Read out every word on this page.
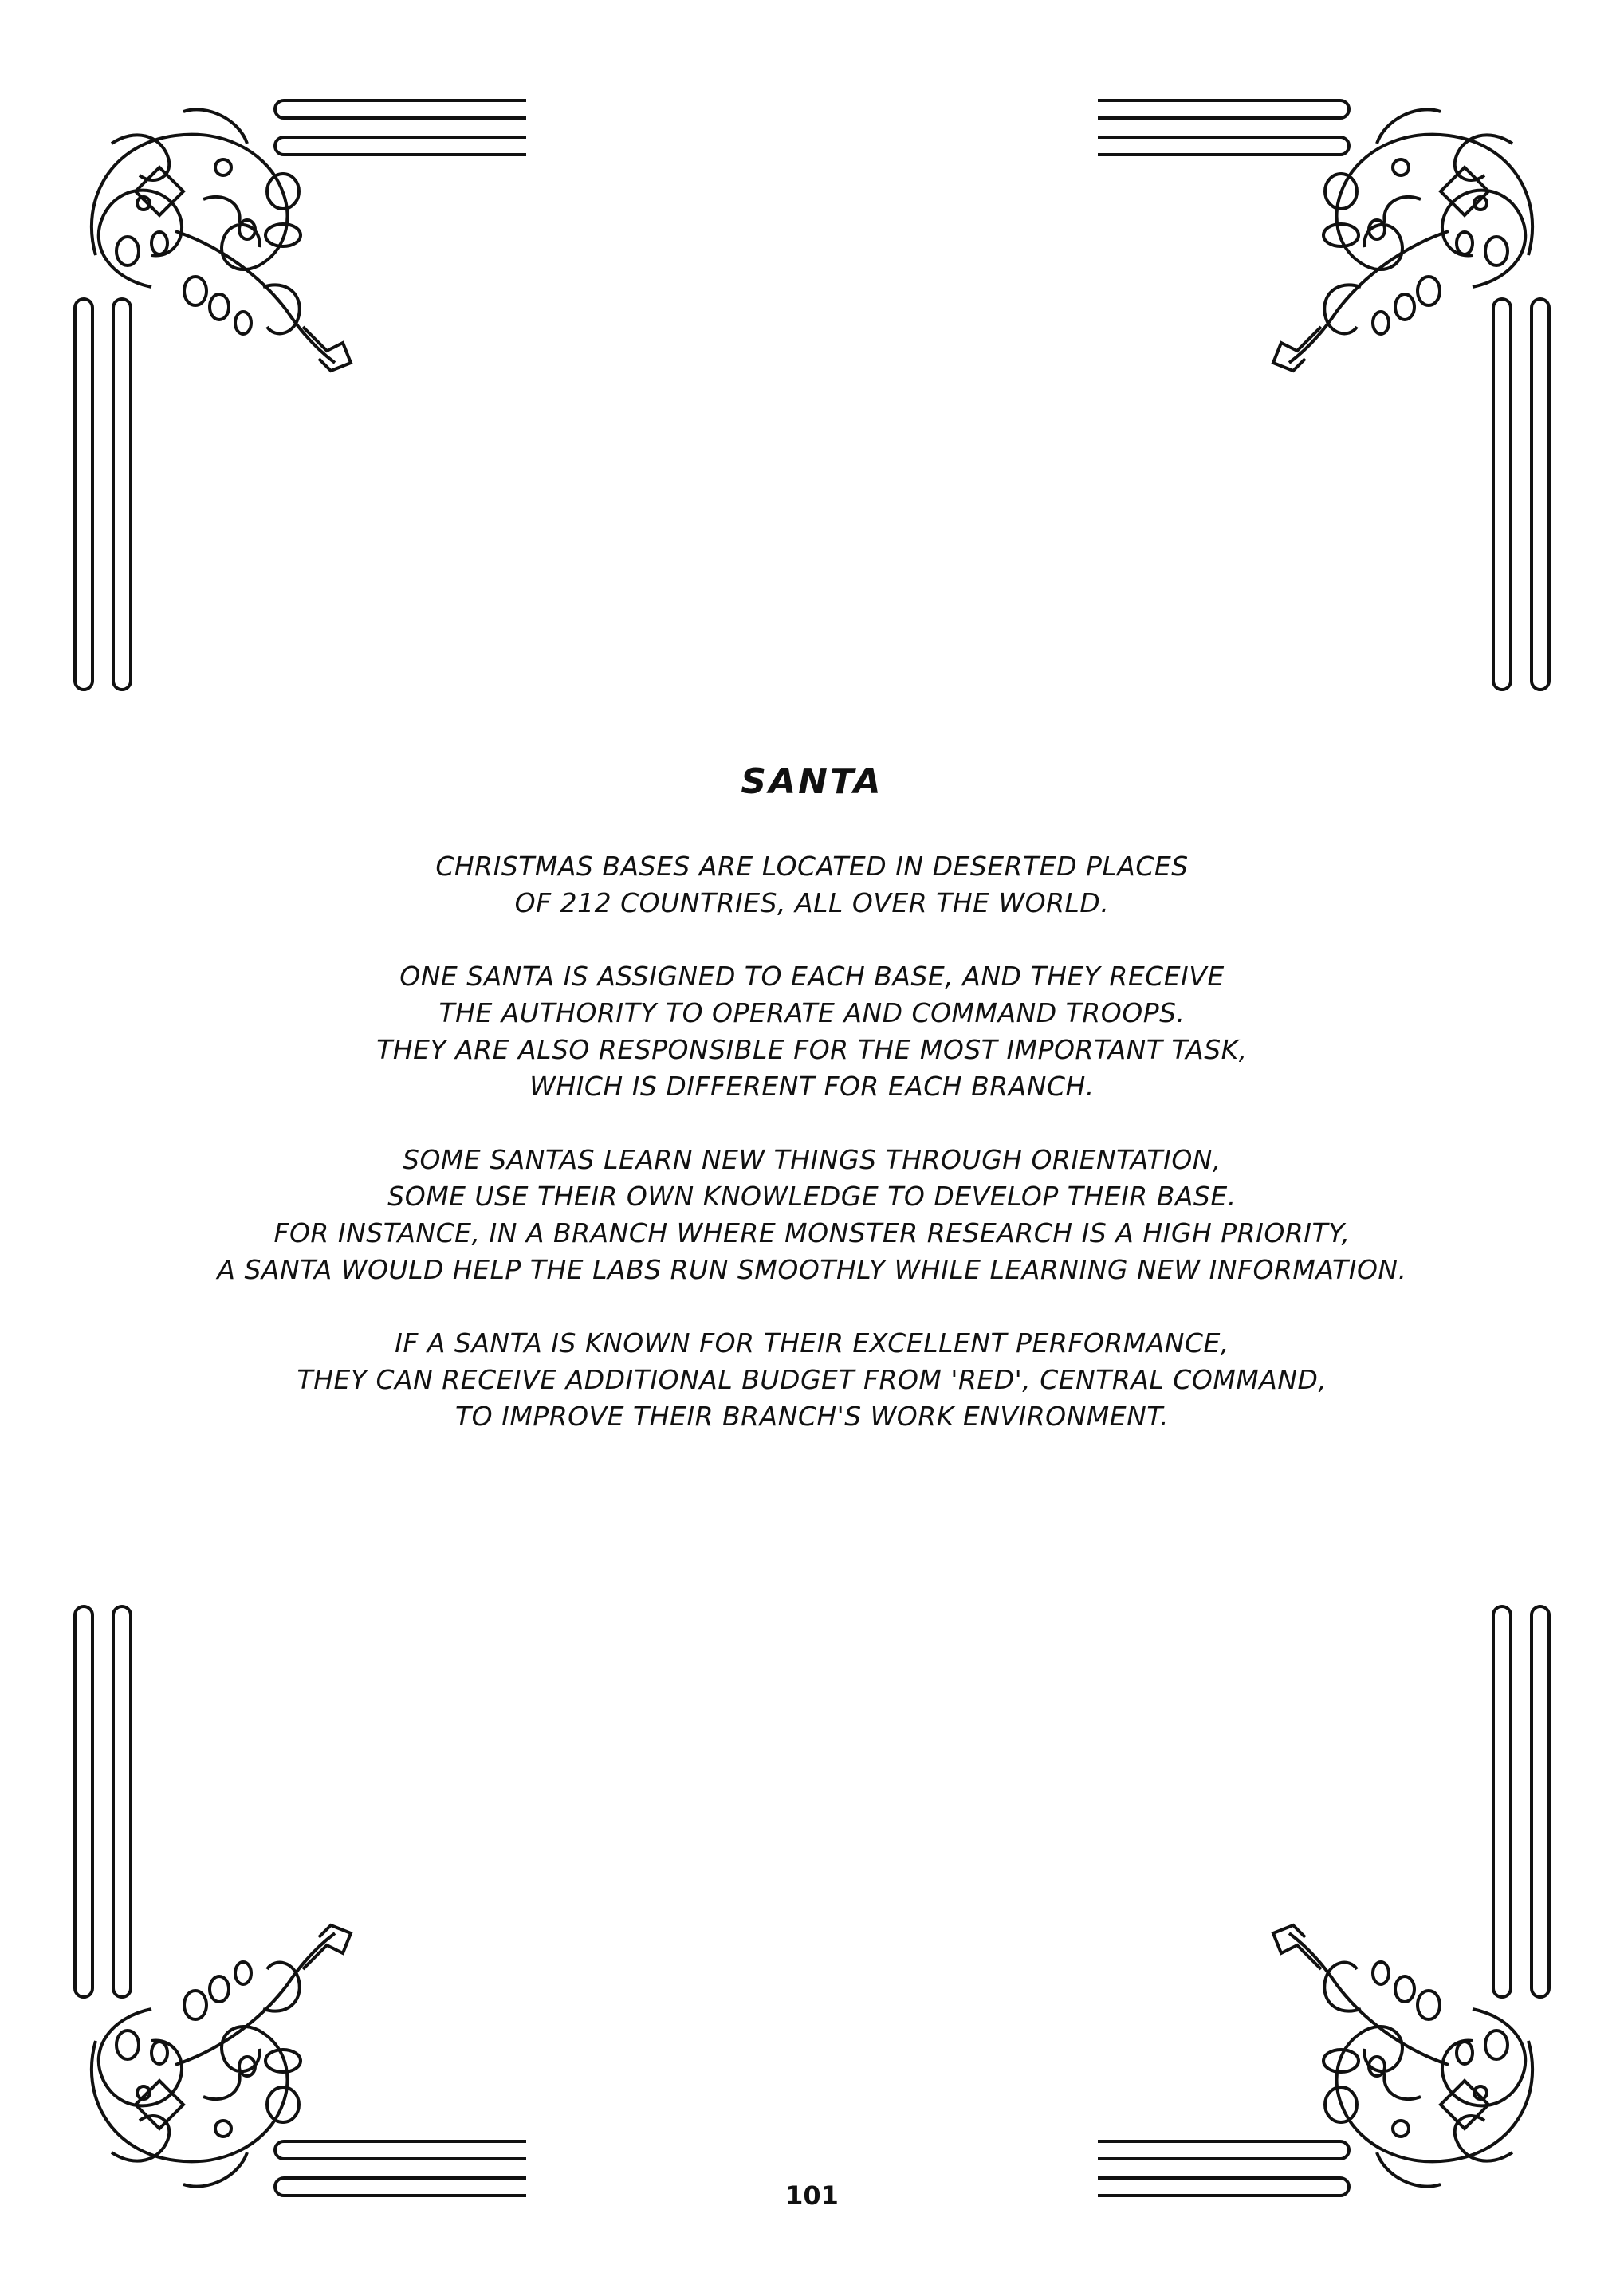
SANTA
CHRISTMAS BASES ARE LOCATED IN DESERTED PLACES
OF 212 COUNTRIES, ALL OVER THE WORLD.
ONE SANTA IS ASSIGNED TO EACH BASE, AND THEY RECEIVE
THE AUTHORITY TO OPERATE AND COMMAND TROOPS.
THEY ARE ALSO RESPONSIBLE FOR THE MOST IMPORTANT TASK,
WHICH IS DIFFERENT FOR EACH BRANCH.
SOME SANTAS LEARN NEW THINGS THROUGH ORIENTATION,
SOME USE THEIR OWN KNOWLEDGE TO DEVELOP THEIR BASE.
FOR INSTANCE, IN A BRANCH WHERE MONSTER RESEARCH IS A HIGH PRIORITY,
A SANTA WOULD HELP THE LABS RUN SMOOTHLY WHILE LEARNING NEW INFORMATION.
IF A SANTA IS KNOWN FOR THEIR EXCELLENT PERFORMANCE,
THEY CAN RECEIVE ADDITIONAL BUDGET FROM 'RED', CENTRAL COMMAND,
TO IMPROVE THEIR BRANCH'S WORK ENVIRONMENT.
101
